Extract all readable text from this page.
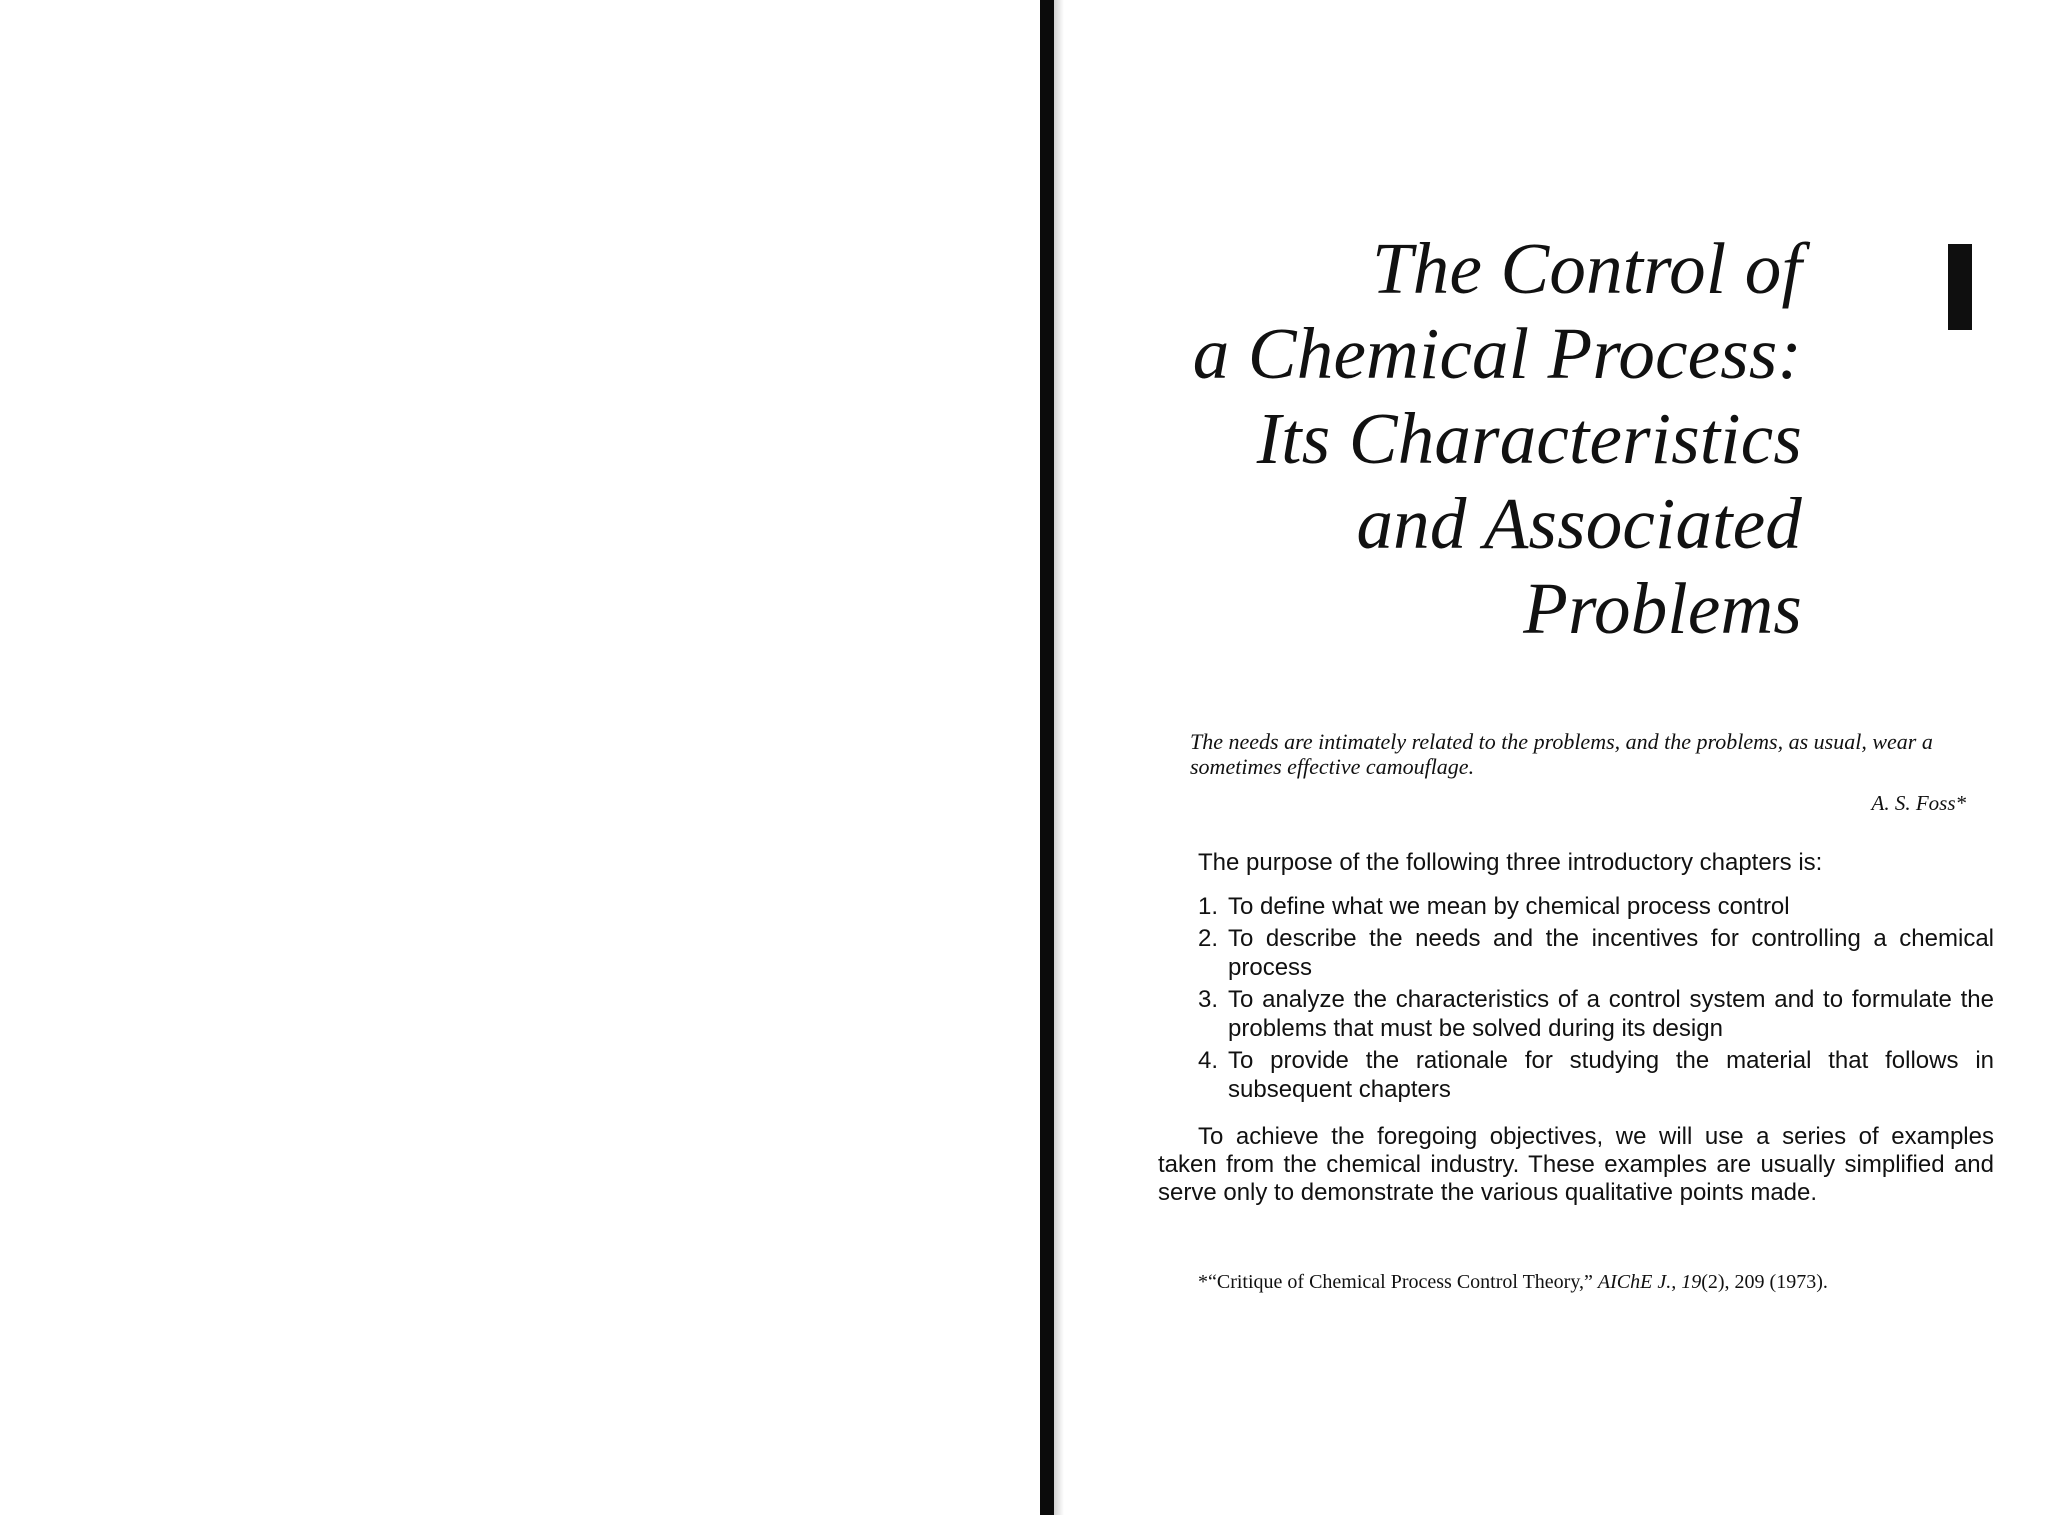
The Control of
a Chemical Process:
Its Characteristics
and Associated
Problems

The needs are intimately related to the problems, and the problems, as usual, wear a sometimes effective camouflage.

A. S. Foss*

The purpose of the following three introductory chapters is:

1. To define what we mean by chemical process control
2. To describe the needs and the incentives for controlling a chemical process
3. To analyze the characteristics of a control system and to formulate the problems that must be solved during its design
4. To provide the rationale for studying the material that follows in subsequent chapters

To achieve the foregoing objectives, we will use a series of examples taken from the chemical industry. These examples are usually simplified and serve only to demonstrate the various qualitative points made.

*“Critique of Chemical Process Control Theory,” AIChE J., 19(2), 209 (1973).
